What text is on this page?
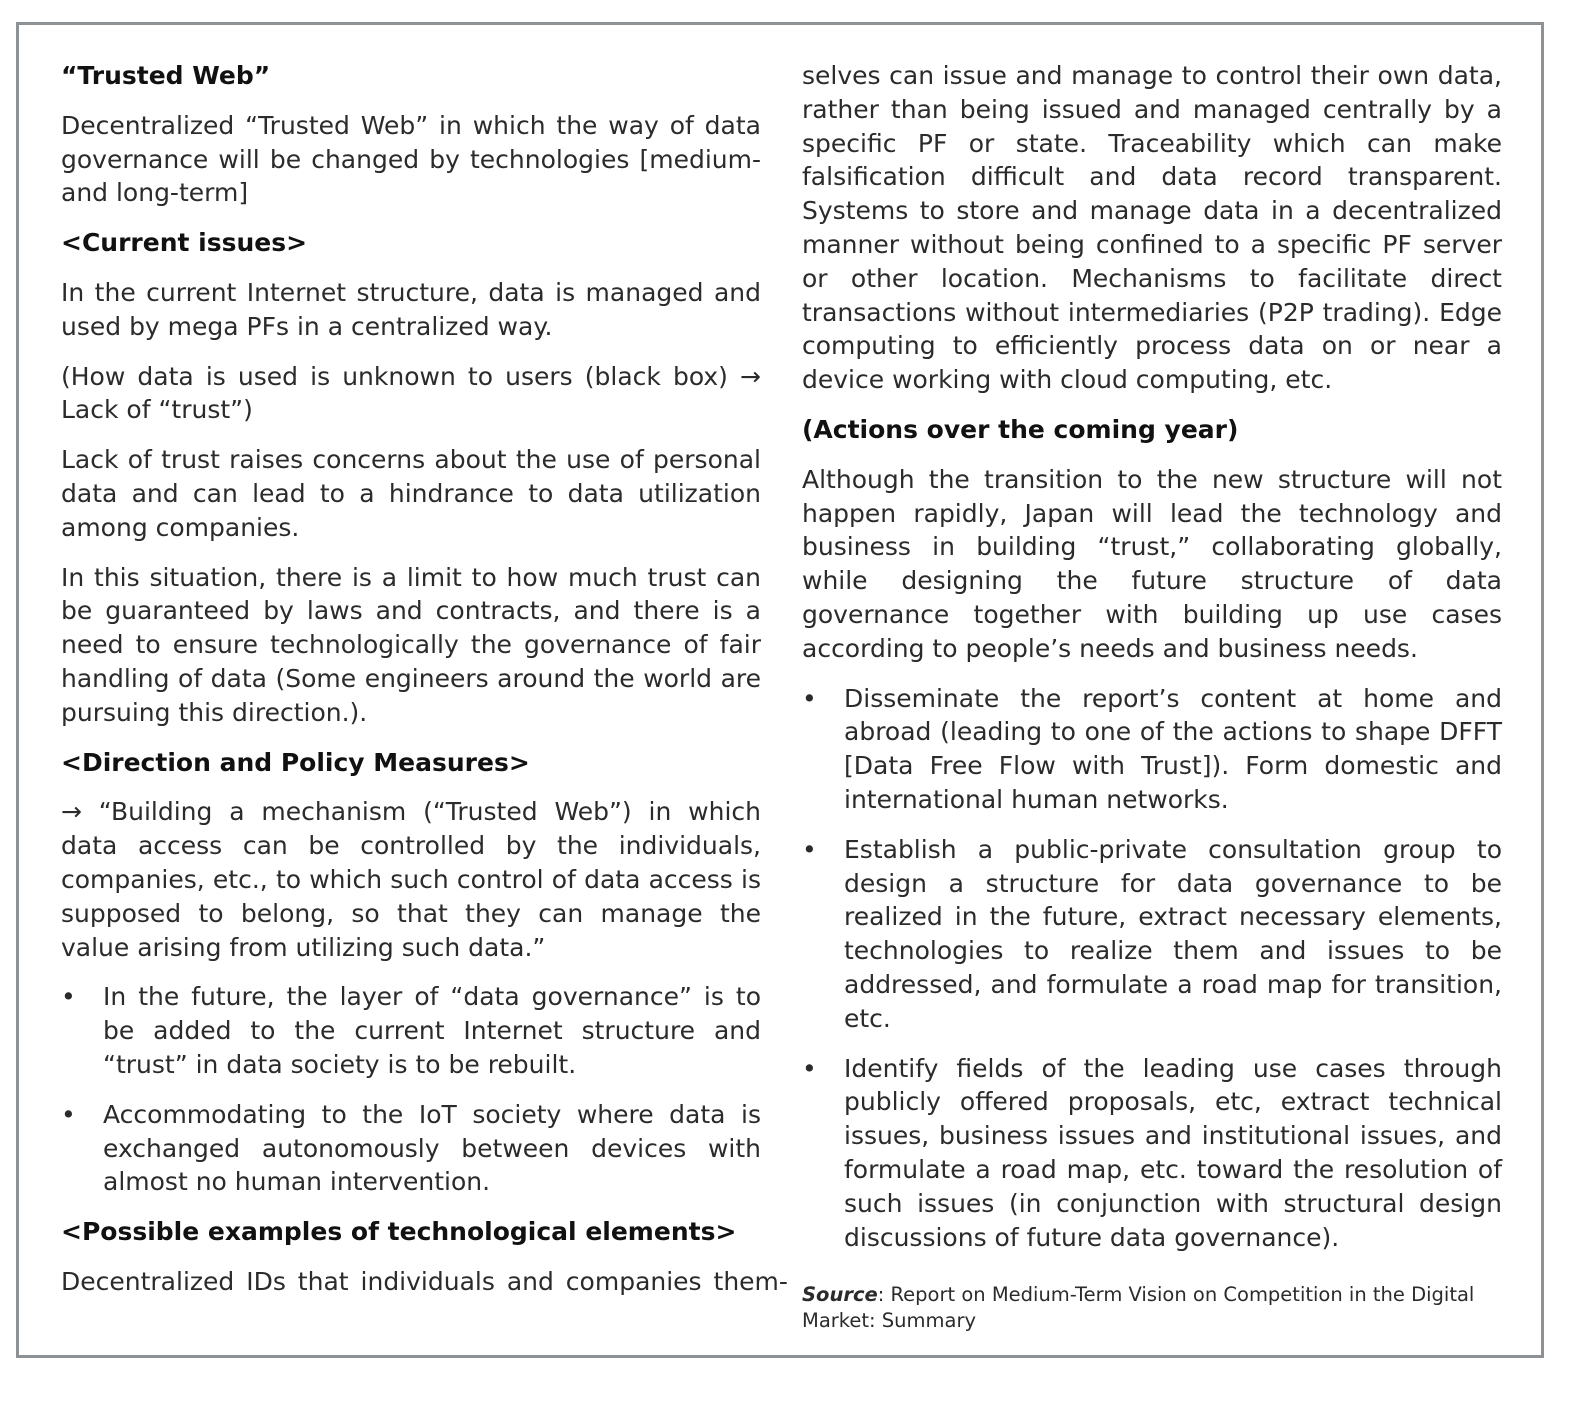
“Trusted Web”

Decentralized “Trusted Web” in which the way of data governance will be changed by technologies [medium- and long-term]

<Current issues>

In the current Internet structure, data is managed and used by mega PFs in a centralized way.

(How data is used is unknown to users (black box) → Lack of “trust”)

Lack of trust raises concerns about the use of personal data and can lead to a hindrance to data utilization among companies.

In this situation, there is a limit to how much trust can be guaranteed by laws and contracts, and there is a need to ensure technologically the governance of fair handling of data (Some engineers around the world are pursuing this direction.).

<Direction and Policy Measures>

→ “Building a mechanism (“Trusted Web”) in which data access can be controlled by the individuals, companies, etc., to which such control of data access is supposed to belong, so that they can manage the value arising from utilizing such data.”

• In the future, the layer of “data governance” is to be added to the current Internet structure and “trust” in data society is to be rebuilt.
• Accommodating to the IoT society where data is exchanged autonomously between devices with almost no human intervention.

<Possible examples of technological elements>

Decentralized IDs that individuals and companies them-

selves can issue and manage to control their own data, rather than being issued and managed centrally by a specific PF or state. Traceability which can make falsification difficult and data record transparent. Systems to store and manage data in a decentralized manner without being confined to a specific PF server or other location. Mechanisms to facilitate direct transactions without intermediaries (P2P trading). Edge computing to efficiently process data on or near a device working with cloud computing, etc.

(Actions over the coming year)

Although the transition to the new structure will not happen rapidly, Japan will lead the technology and business in building “trust,” collaborating globally, while designing the future structure of data governance together with building up use cases according to people’s needs and business needs.

• Disseminate the report’s content at home and abroad (leading to one of the actions to shape DFFT [Data Free Flow with Trust]). Form domestic and international human networks.
• Establish a public-private consultation group to design a structure for data governance to be realized in the future, extract necessary elements, technologies to realize them and issues to be addressed, and formulate a road map for transition, etc.
• Identify fields of the leading use cases through publicly offered proposals, etc, extract technical issues, business issues and institutional issues, and formulate a road map, etc. toward the resolution of such issues (in conjunction with structural design discussions of future data governance).
Source: Report on Medium-Term Vision on Competition in the Digital Market: Summary
